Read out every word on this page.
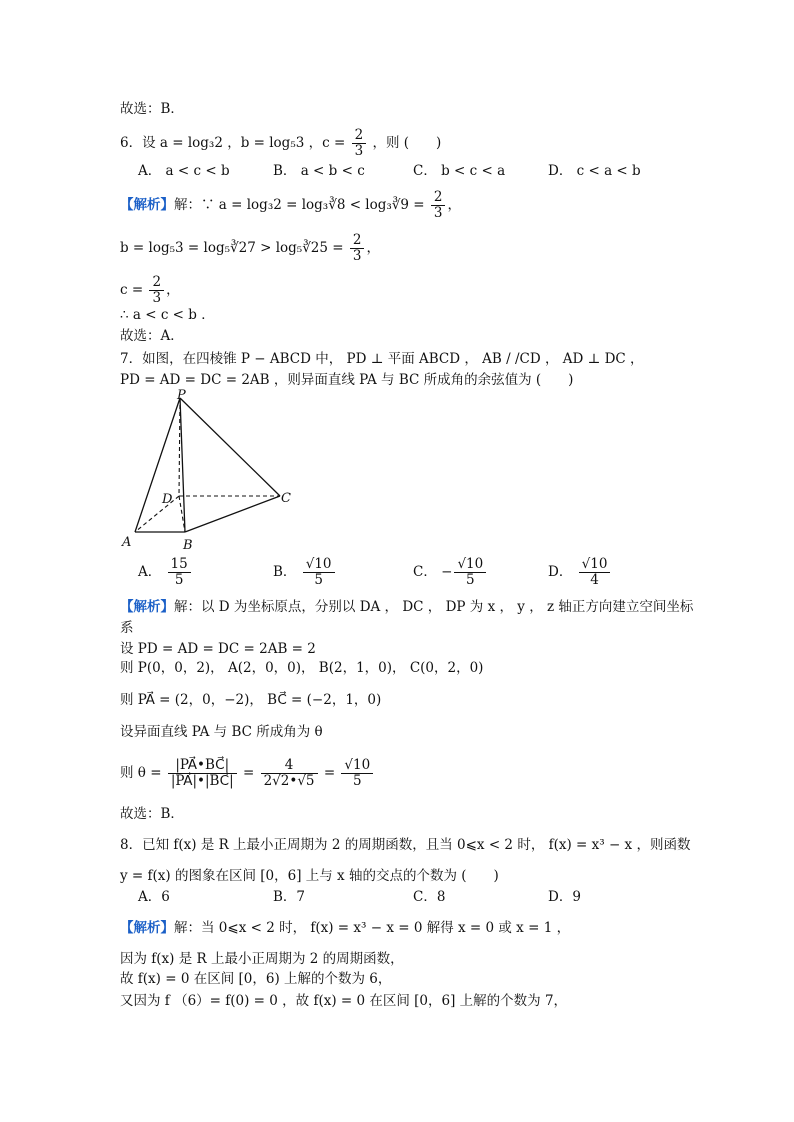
故选：B．
6．设 a = log₃2 ，b = log₅3 ，$c = \frac{2}{3}$ ，则 (　　)
A． a < c < b	B． a < b < c	C． b < c < a	D． c < a < b
【解析】解：∵ a = log₃2 = log₃∛8 < log₃∛9 = $\frac{2}{3}$ ，
b = log₅3 = log₅∛27 > log₅∛25 = $\frac{2}{3}$ ，
$c = \frac{2}{3}$ ，
∴ a < c < b ．
故选：A．
7．如图，在四棱锥 P − ABCD 中， PD ⊥ 平面 ABCD ， AB / /CD ， AD ⊥ DC ，
PD = AD = DC = 2AB ，则异面直线 PA 与 BC 所成角的余弦值为 (　　)
P
D	C
A	B
A． $\frac{15}{5}$	B． $\frac{√10}{5}$	C． − $\frac{√10}{5}$	D． $\frac{√10}{4}$
【解析】解：以 D 为坐标原点，分别以 DA ， DC ， DP 为 x ， y ， z 轴正方向建立空间坐标
系
设 PD = AD = DC = 2AB = 2
则 P(0，0，2)， A(2，0，0)， B(2，1，0)， C(0，2，0)
则 PA⃗ = (2，0，−2)， BC⃗ = (−2，1，0)
设异面直线 PA 与 BC 所成角为 θ
则 $\theta = \frac{|PA⃗•BC⃗|}{|PA⃗|•|BC⃗|} = \frac{4}{2√2•√5} = \frac{√10}{5}$
故选：B．
8．已知 f(x) 是 R 上最小正周期为 2 的周期函数，且当 0⩽x < 2 时， f(x) = x³ − x ，则函数
y = f(x) 的图象在区间 [0，6] 上与 x 轴的交点的个数为 (　　)
A．6	B．7	C．8	D．9
【解析】解：当 0⩽x < 2 时， f(x) = x³ − x = 0 解得 x = 0 或 x = 1 ，
因为 f(x) 是 R 上最小正周期为 2 的周期函数，
故 f(x) = 0 在区间 [0，6) 上解的个数为 6，
又因为 f （6）= f(0) = 0 ，故 f(x) = 0 在区间 [0，6] 上解的个数为 7，
